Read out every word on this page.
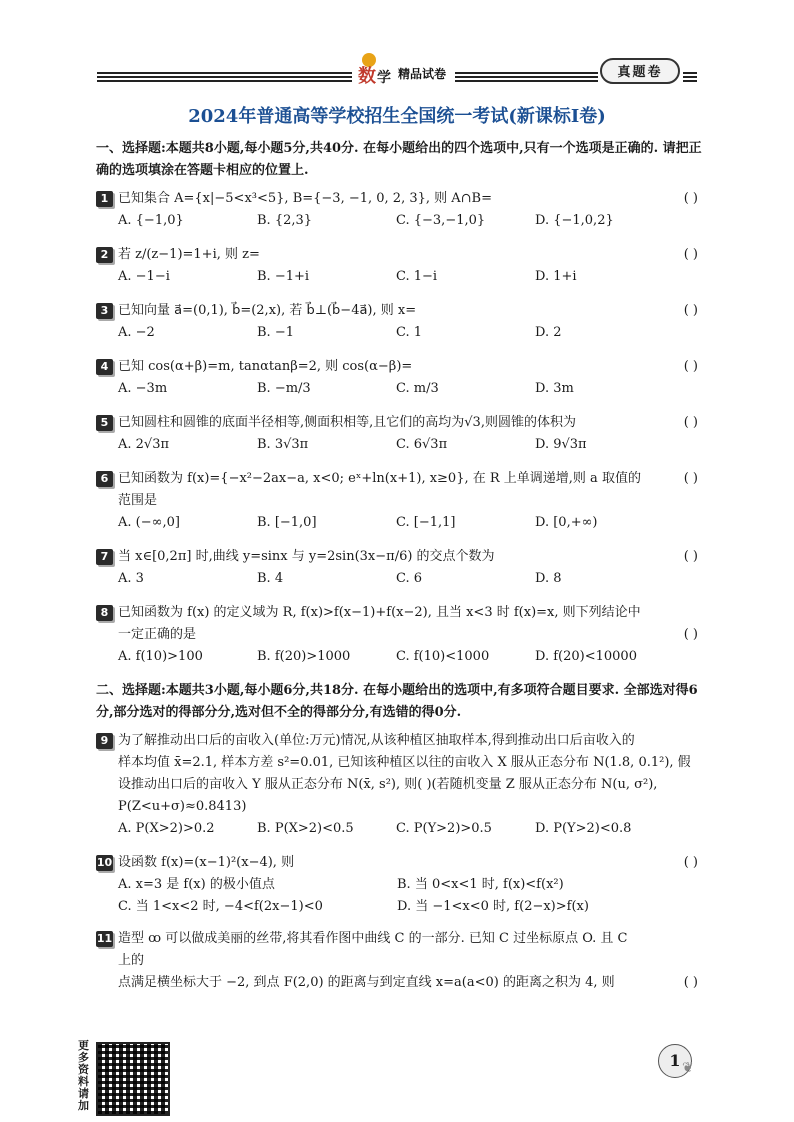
数 学 精品试卷	真题卷
2024年普通高等学校招生全国统一考试(新课标I卷)
一、选择题:本题共8小题,每小题5分,共40分. 在每小题给出的四个选项中,只有一个选项是正确的. 请把正确的选项填涂在答题卡相应的位置上.
1 已知集合 A={x|−5<x³<5}, B={−3, −1, 0, 2, 3}, 则 A∩B=	( )
A. {−1,0}	B. {2,3}	C. {−3,−1,0}	D. {−1,0,2}
2 若 z/(z−1)=1+i, 则 z=	( )
A. −1−i	B. −1+i	C. 1−i	D. 1+i
3 已知向量 a⃗=(0,1), b⃗=(2,x), 若 b⃗⊥(b⃗−4a⃗), 则 x=	( )
A. −2	B. −1	C. 1	D. 2
4 已知 cos(α+β)=m, tanαtanβ=2, 则 cos(α−β)=	( )
A. −3m	B. −m/3	C. m/3	D. 3m
5 已知圆柱和圆锥的底面半径相等,侧面积相等,且它们的高均为√3,则圆锥的体积为	( )
A. 2√3π	B. 3√3π	C. 6√3π	D. 9√3π
6 已知函数为 f(x)={−x²−2ax−a, x<0; eˣ+ln(x+1), x≥0}, 在 R 上单调递增,则 a 取值的范围是
( )
A. (−∞,0]	B. [−1,0]	C. [−1,1]	D. [0,+∞)
7 当 x∈[0,2π] 时,曲线 y=sinx 与 y=2sin(3x−π/6) 的交点个数为	( )
A. 3	B. 4	C. 6	D. 8
8 已知函数为 f(x) 的定义域为 R, f(x)>f(x−1)+f(x−2), 且当 x<3 时 f(x)=x, 则下列结论中
一定正确的是	( )
A. f(10)>100	B. f(20)>1000	C. f(10)<1000	D. f(20)<10000
二、选择题:本题共3小题,每小题6分,共18分. 在每小题给出的选项中,有多项符合题目要求. 全部选对得6分,部分选对的得部分分,选对但不全的得部分分,有选错的得0分.
9 为了解推动出口后的亩收入(单位:万元)情况,从该种植区抽取样本,得到推动出口后亩收入的
样本均值 x̄=2.1, 样本方差 s²=0.01, 已知该种植区以往的亩收入 X 服从正态分布 N(1.8, 0.1²), 假设推动出口后的亩收入 Y 服从正态分布 N(x̄, s²), 则( )(若随机变量 Z 服从正态分布 N(u, σ²), P(Z<u+σ)≈0.8413)
A. P(X>2)>0.2	B. P(X>2)<0.5	C. P(Y>2)>0.5	D. P(Y>2)<0.8
10 设函数 f(x)=(x−1)²(x−4), 则	( )
A. x=3 是 f(x) 的极小值点	B. 当 0<x<1 时, f(x)<f(x²)
C. 当 1<x<2 时, −4<f(2x−1)<0	D. 当 −1<x<0 时, f(2−x)>f(x)
11 造型 ꝏ 可以做成美丽的丝带,将其看作图中曲线 C 的一部分. 已知 C 过坐标原点 O. 且 C 上的
点满足横坐标大于 −2, 到点 F(2,0) 的距离与到定直线 x=a(a<0) 的距离之积为 4, 则	( )
更多资料请加
1 ❦
